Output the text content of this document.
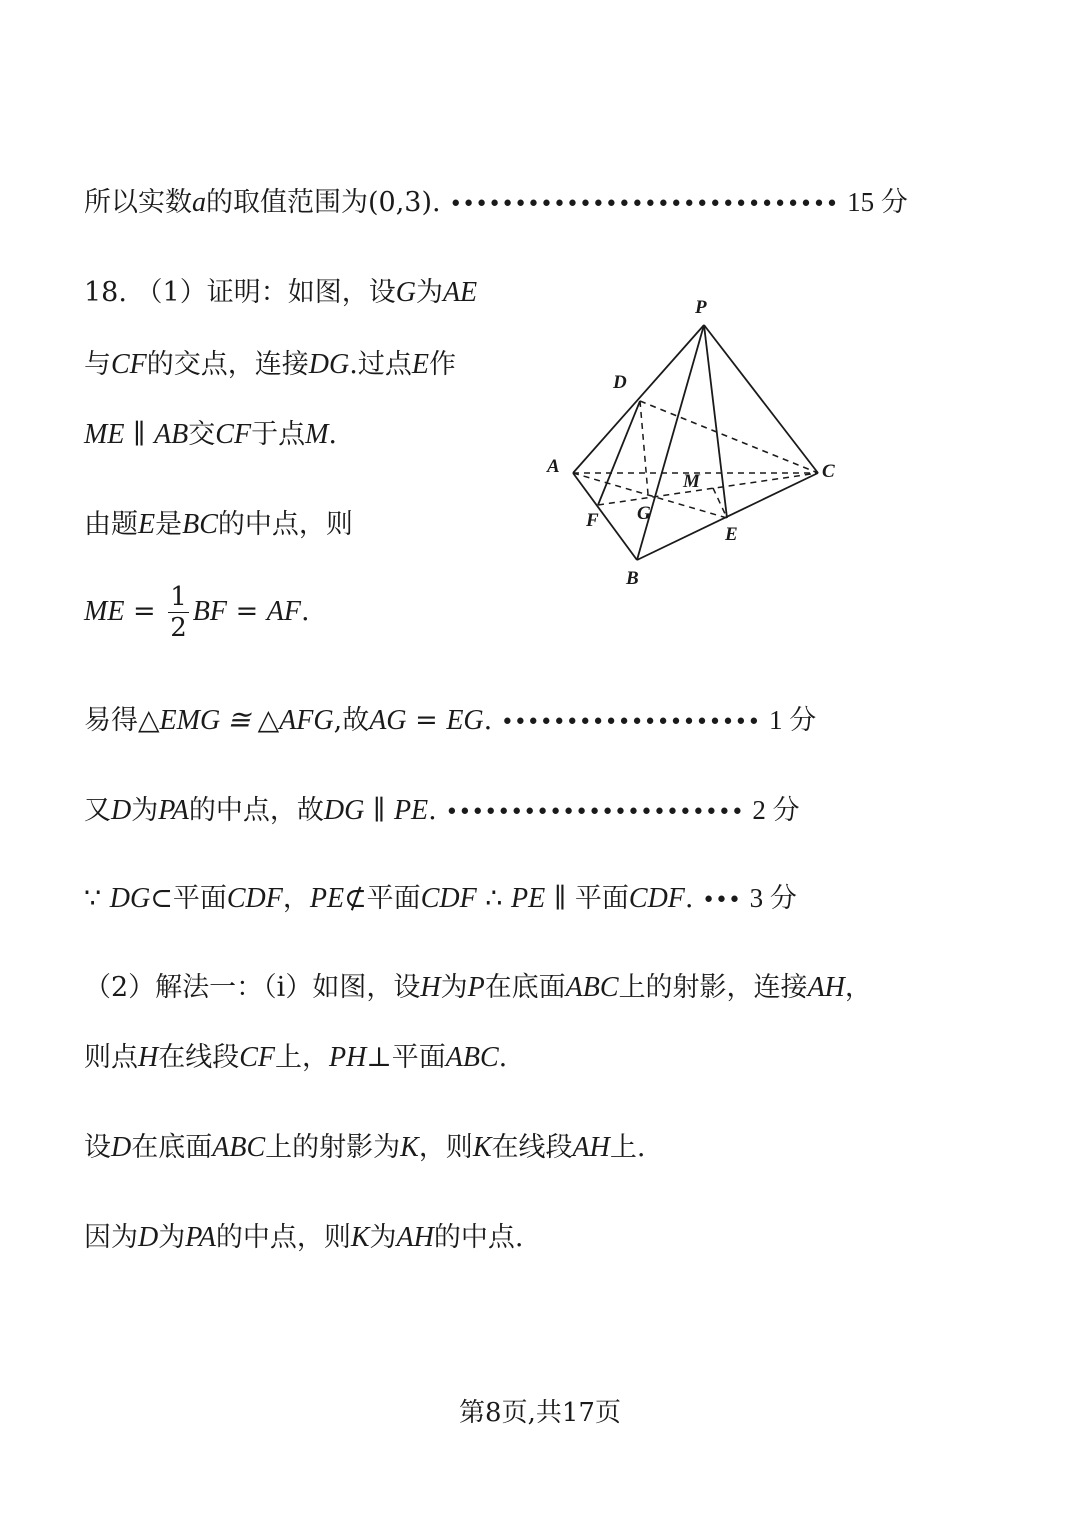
所以实数a的取值范围为(0,3). •••••••••••••••••••••••••••••• 15 分
18. （1）证明：如图，设G为AE
与CF的交点，连接DG.过点E作
ME ∥ AB交CF于点M.
由题E是BC的中点，则
ME = $\frac{1}{2}$ BF = AF.
易得△EMG ≅ △AFG,故AG = EG. •••••••••••••••••••• 1 分
又D为PA的中点，故DG ∥ PE. ••••••••••••••••••••••• 2 分
∵ DG⊂平面CDF，PE⊄平面CDF ∴ PE ∥ 平面CDF. ••• 3 分
（2）解法一：（i）如图，设H为P在底面ABC上的射影，连接AH，
则点H在线段CF上，PH⊥平面ABC.
设D在底面ABC上的射影为K，则K在线段AH上.
因为D为PA的中点，则K为AH的中点.
P
D
A	C
M
F G
E
B
第8页,共17页
